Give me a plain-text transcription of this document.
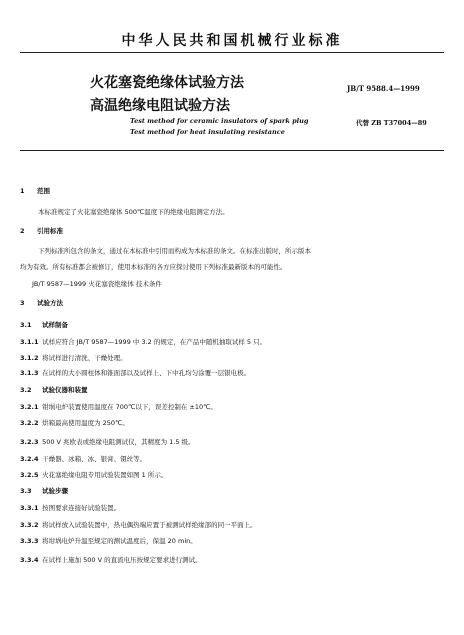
中华人民共和国机械行业标准
火花塞瓷绝缘体试验方法
高温绝缘电阻试验方法
JB/T 9588.4—1999
Test method for ceramic insulators of spark plug
Test method for heat insulating resistance
代替 ZB T37004—89
1 范围
本标准规定了火花塞瓷绝缘体 500℃温度下的绝缘电阻测定方法。
2 引用标准
下列标准所包含的条文，通过在本标准中引用而构成为本标准的条文。在标准出版时，所示版本
均为有效。所有标准都会被修订，使用本标准的各方应探讨使用下列标准最新版本的可能性。
JB/T 9587—1999 火花塞瓷绝缘体 技术条件
3 试验方法
3.1 试样制备
3.1.1 试样应符合 JB/T 9587—1999 中 3.2 的规定，在产品中随机抽取试样 5 只。
3.1.2 将试样进行清洗、干燥处理。
3.1.3 在试样的大小圆柱体和锥面部以及试样上、下中孔均匀涂覆一层银电极。
3.2 试验仪器和装置
3.2.1 钳埚电炉装置使用温度在 700℃以下，误差控制在 ±10℃。
3.2.2 烘箱最高使用温度为 250℃。
3.2.3 500 V 兆欧表或绝缘电阻测试仪，其精度为 1.5 级。
3.2.4 干燥器、冰箱、冰、银膏、镊丝等。
3.2.5 火花塞绝缘电阻专用试验装置如图 1 所示。
3.3 试验步骤
3.3.1 按图要求连接好试验装置。
3.3.2 将试样放入试验装置中，热电偶热端应置于被测试样绝缘部的同一平面上。
3.3.3 将坩埚电炉升温至规定的测试温度后，保温 20 min。
3.3.4 在试样上施加 500 V 的直流电压按规定要求进行测试。
